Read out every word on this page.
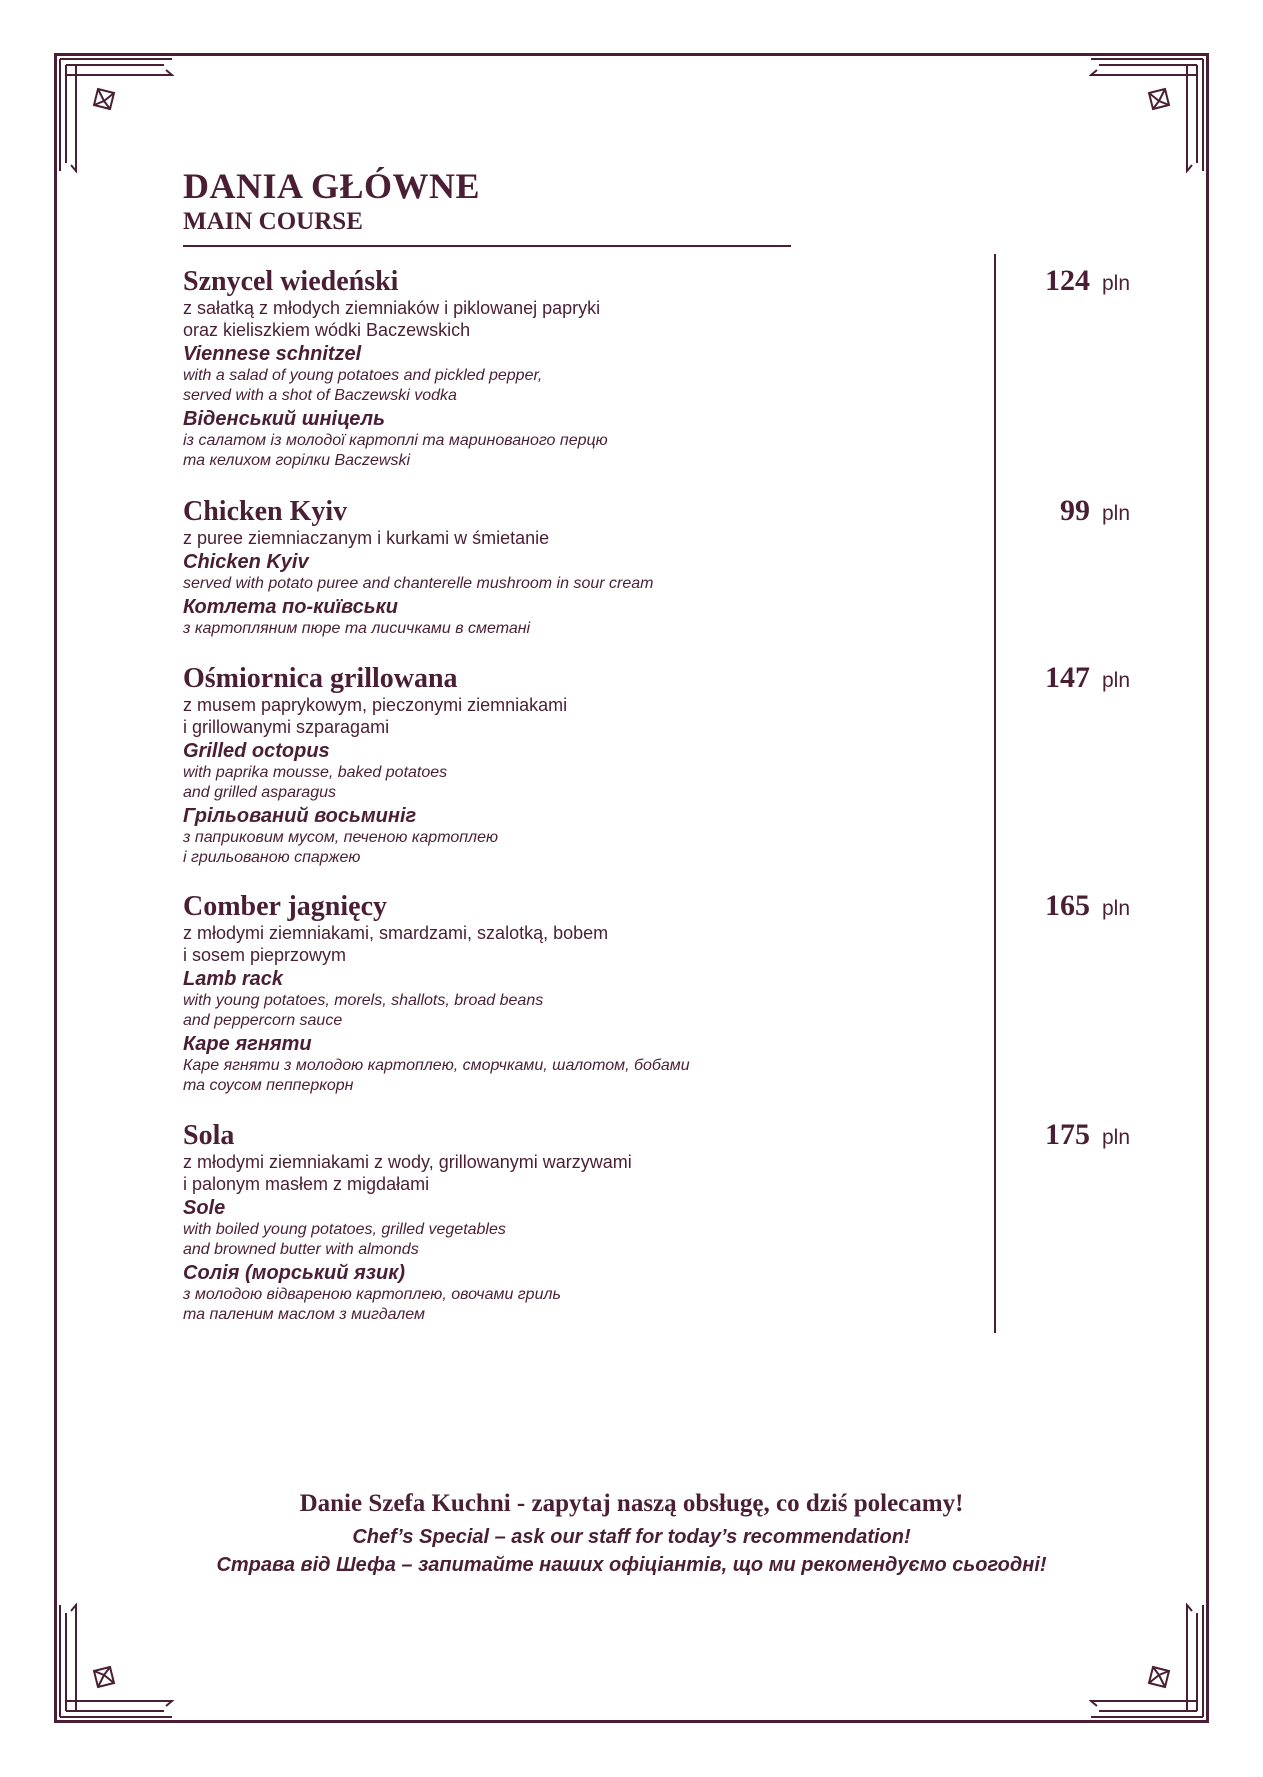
DANIA GŁÓWNE
MAIN COURSE
Sznycel wiedeński
z sałatką z młodych ziemniaków i piklowanej papryki
oraz kieliszkiem wódki Baczewskich
Viennese schnitzel
with a salad of young potatoes and pickled pepper,
served with a shot of Baczewski vodka
Віденський шніцель
із салатом із молодої картоплі та маринованого перцю
та келихом горілки Baczewski
124 pln
Chicken Kyiv
z puree ziemniaczanym i kurkami w śmietanie
Chicken Kyiv
served with potato puree and chanterelle mushroom in sour cream
Котлета по-київськи
з картопляним пюре та лисичками в сметані
99 pln
Ośmiornica grillowana
z musem paprykowym, pieczonymi ziemniakami
i grillowanymi szparagami
Grilled octopus
with paprika mousse, baked potatoes
and grilled asparagus
Грільований восьминіг
з паприковим мусом, печеною картоплею
і грильованою спаржею
147 pln
Comber jagnięcy
z młodymi ziemniakami, smardzami, szalotką, bobem
i sosem pieprzowym
Lamb rack
with young potatoes, morels, shallots, broad beans
and peppercorn sauce
Каре ягняти
Каре ягняти з молодою картоплею, сморчками, шалотом, бобами
та соусом пепперкорн
165 pln
Sola
z młodymi ziemniakami z wody, grillowanymi warzywami
i palonym masłem z migdałami
Sole
with boiled young potatoes, grilled vegetables
and browned butter with almonds
Солія (морський язик)
з молодою відвареною картоплею, овочами гриль
та паленим маслом з мигдалем
175 pln
Danie Szefa Kuchni - zapytaj naszą obsługę, co dziś polecamy!
Chef’s Special – ask our staff for today’s recommendation!
Страва від Шефа – запитайте наших офіціантів, що ми рекомендуємо сьогодні!
